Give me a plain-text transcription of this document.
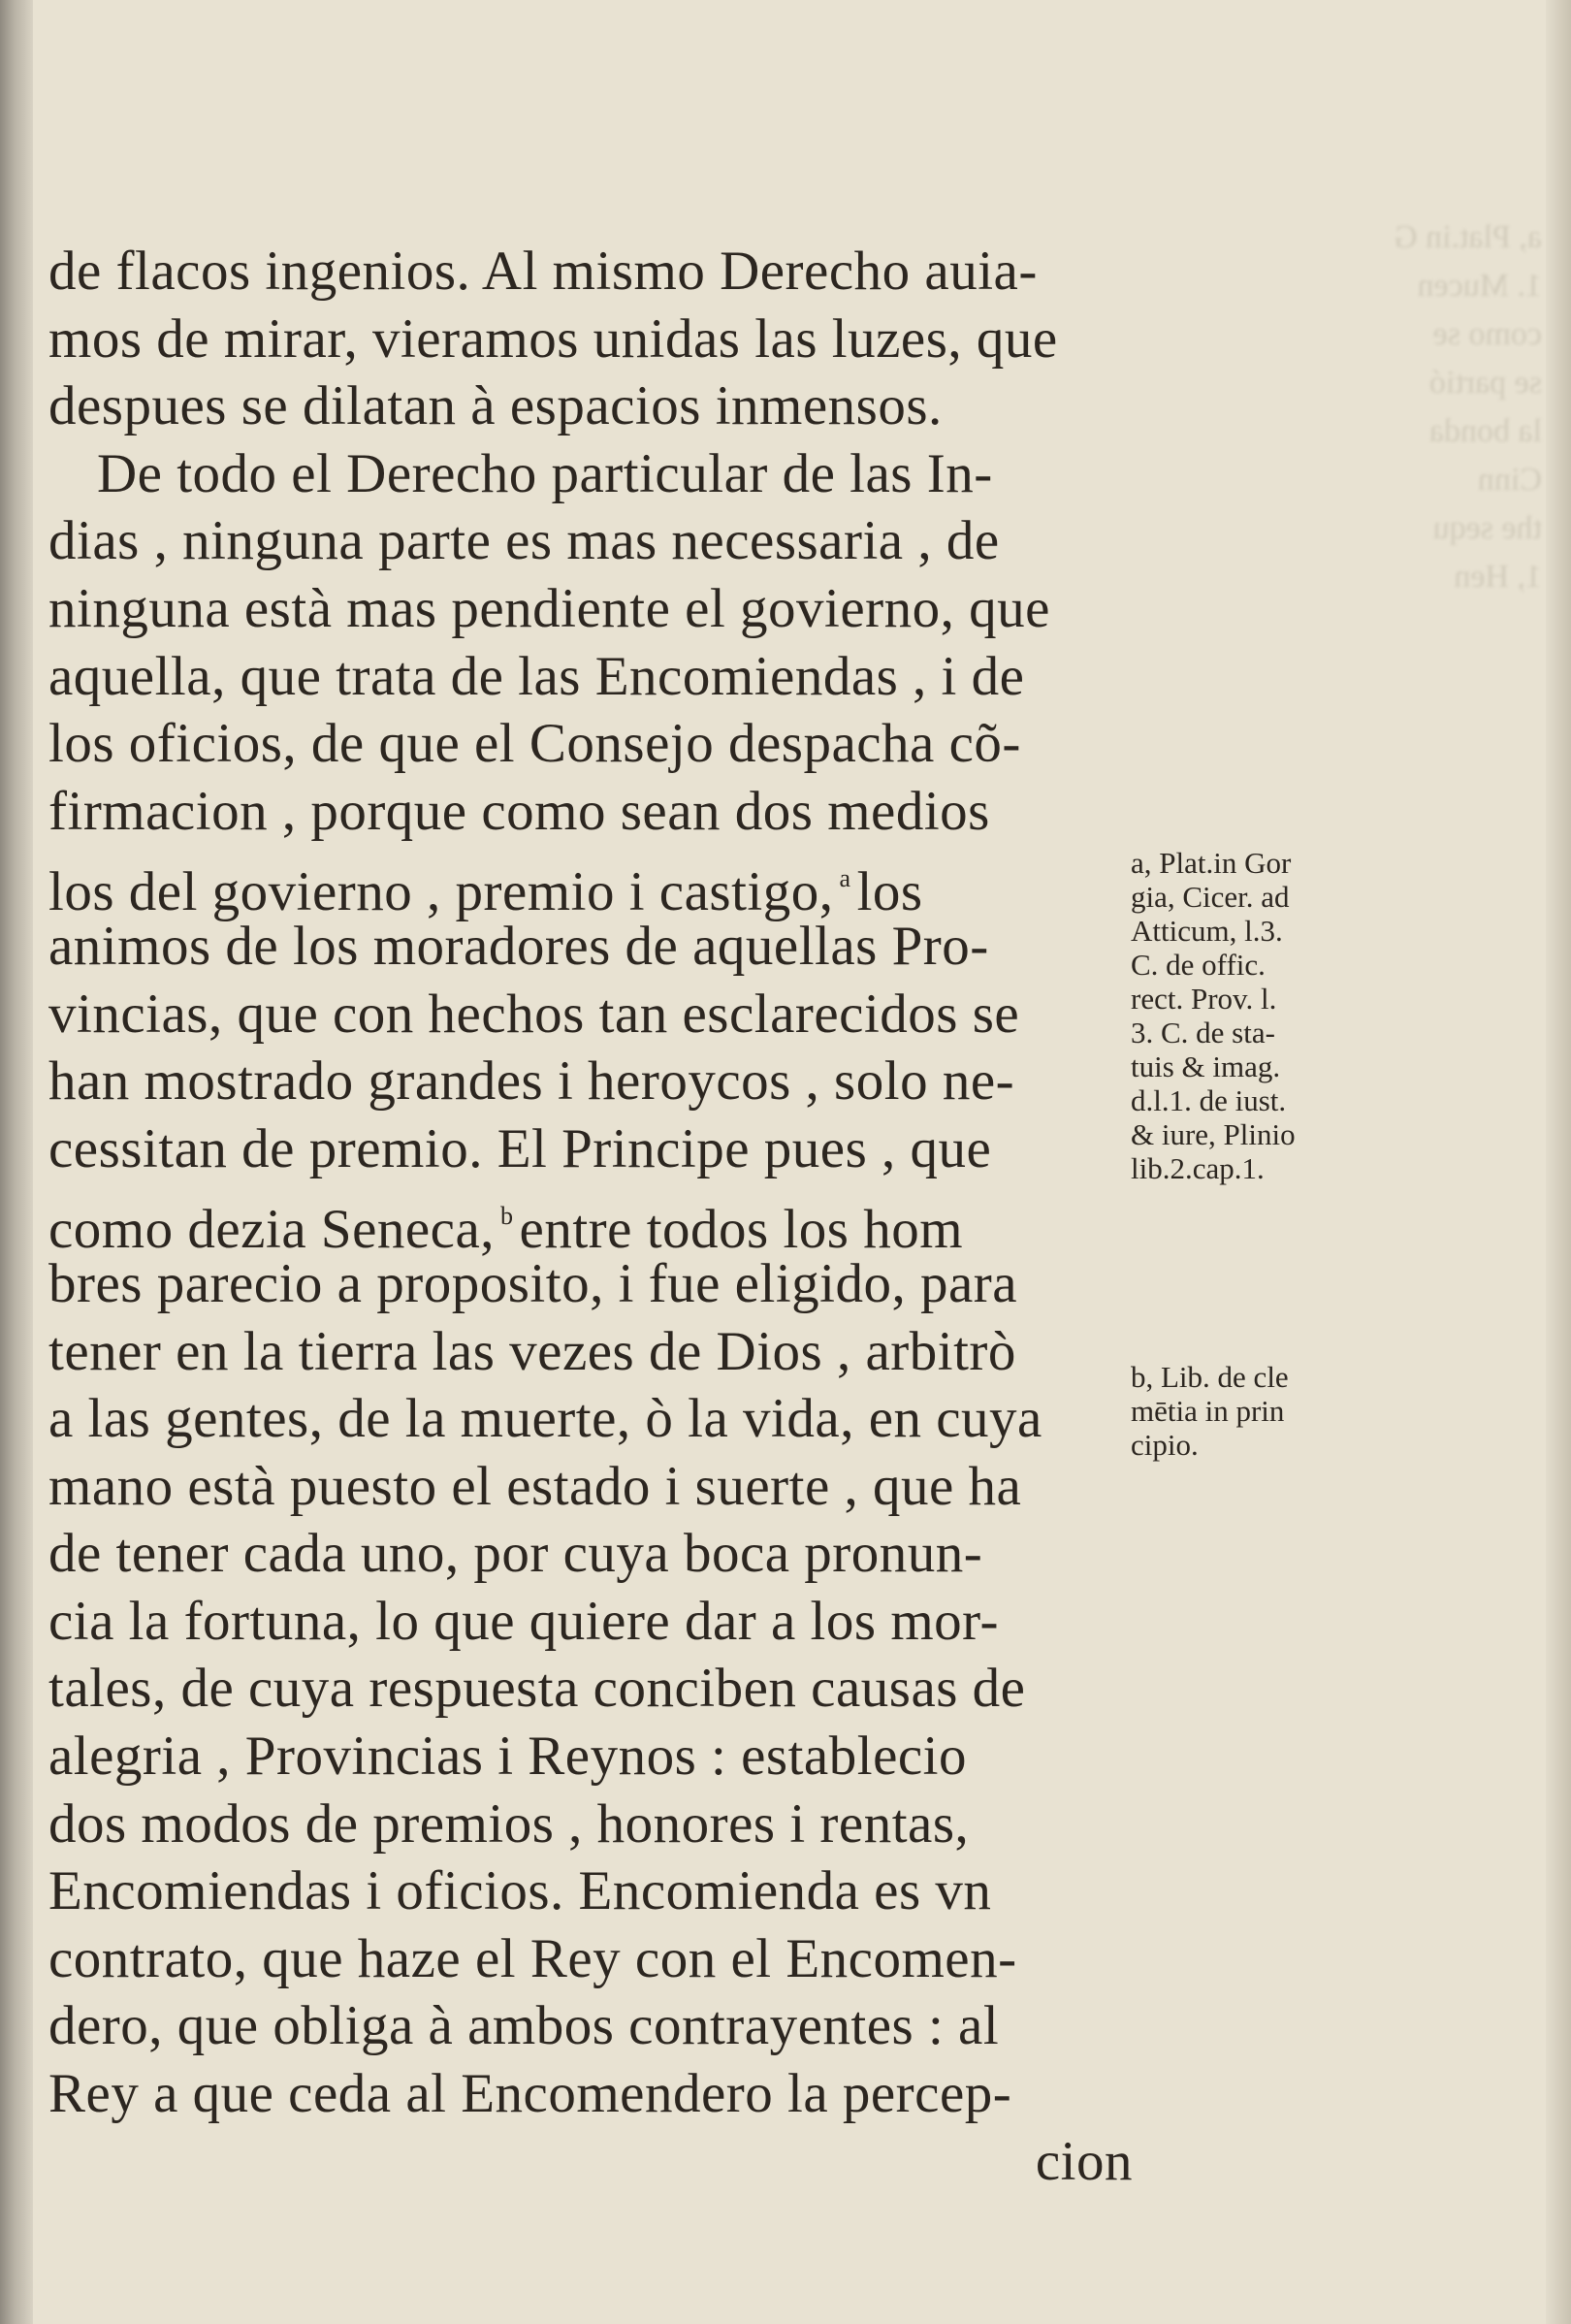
a, Plat.in G
1. Mucen
como se
se partió
la bonda
Cinn
the sequ
1, Hen
de flacos ingenios. Al mismo Derecho auia-
mos de mirar, vieramos unidas las luzes, que
despues se dilatan à espacios inmensos.
De todo el Derecho particular de las In-
dias , ninguna parte es mas necessaria , de
ninguna està mas pendiente el govierno, que
aquella, que trata de las Encomiendas , i de
los oficios, de que el Consejo despacha cõ-
firmacion , porque como sean dos medios
los del govierno , premio i castigo, $^a$ los
animos de los moradores de aquellas Pro-
vincias, que con hechos tan esclarecidos se
han mostrado grandes i heroycos , solo ne-
cessitan de premio. El Principe pues , que
como dezia Seneca, $^b$ entre todos los hom
bres parecio a proposito, i fue eligido, para
tener en la tierra las vezes de Dios , arbitrò
a las gentes, de la muerte, ò la vida, en cuya
mano està puesto el estado i suerte , que ha
de tener cada uno, por cuya boca pronun-
cia la fortuna, lo que quiere dar a los mor-
tales, de cuya respuesta conciben causas de
alegria , Provincias i Reynos : establecio
dos modos de premios , honores i rentas,
Encomiendas i oficios. Encomienda es vn
contrato, que haze el Rey con el Encomen-
dero, que obliga à ambos contrayentes : al
Rey a que ceda al Encomendero la percep-
cion
a, Plat.in Gor
gia, Cicer. ad
Atticum, l.3.
C. de offic.
rect. Prov. l.
3. C. de sta-
tuis & imag.
d.l.1. de iust.
& iure, Plinio
lib.2.cap.1.
b, Lib. de cle
mētia in prin
cipio.
